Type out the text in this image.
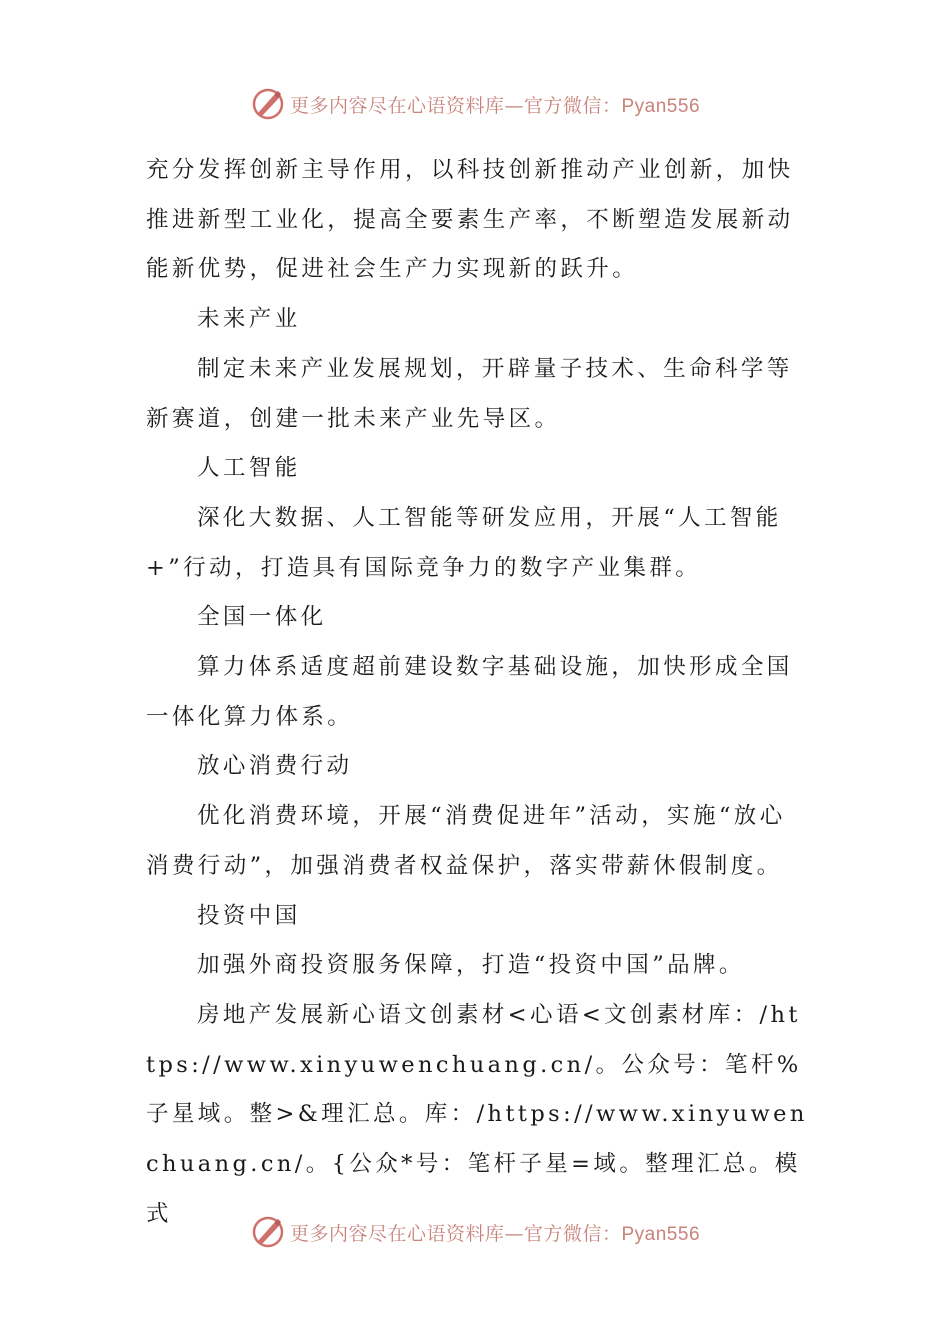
更多内容尽在心语资料库—官方微信：Pyan556

充分发挥创新主导作用，以科技创新推动产业创新，加快推进新型工业化，提高全要素生产率，不断塑造发展新动能新优势，促进社会生产力实现新的跃升。

未来产业

制定未来产业发展规划，开辟量子技术、生命科学等新赛道，创建一批未来产业先导区。

人工智能

深化大数据、人工智能等研发应用，开展“人工智能+”行动，打造具有国际竞争力的数字产业集群。

全国一体化

算力体系适度超前建设数字基础设施，加快形成全国一体化算力体系。

放心消费行动

优化消费环境，开展“消费促进年”活动，实施“放心消费行动”，加强消费者权益保护，落实带薪休假制度。

投资中国

加强外商投资服务保障，打造“投资中国”品牌。

房地产发展新心语文创素材<心语<文创素材库：/https://www.xinyuwenchuang.cn/。公众号：笔杆%子星域。整>&理汇总。库：/https://www.xinyuwenchuang.cn/。{公众*号：笔杆子星=域。整理汇总。模式

更多内容尽在心语资料库—官方微信：Pyan556
